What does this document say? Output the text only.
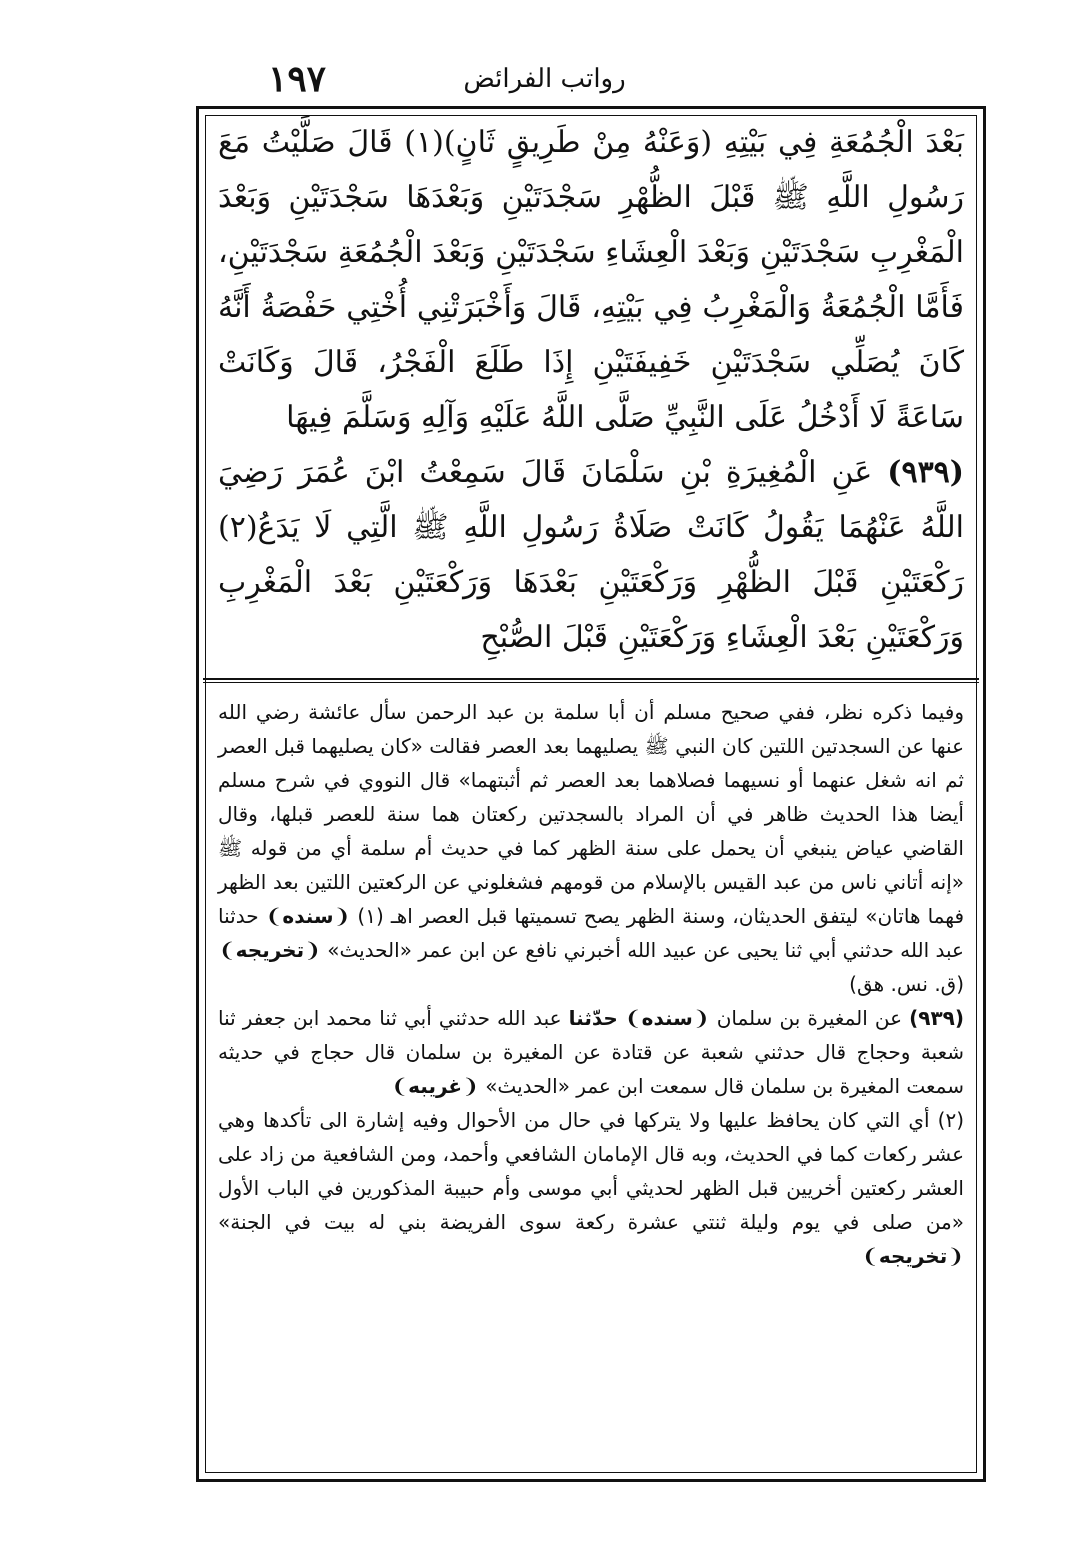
١٩٧	رواتب الفرائض

بَعْدَ الْجُمُعَةِ فِي بَيْتِهِ (وَعَنْهُ مِنْ طَرِيقٍ ثَانٍ)(١) قَالَ صَلَّيْتُ مَعَ رَسُولِ اللَّهِ ﷺ قَبْلَ الظُّهْرِ سَجْدَتَيْنِ وَبَعْدَهَا سَجْدَتَيْنِ وَبَعْدَ الْمَغْرِبِ سَجْدَتَيْنِ وَبَعْدَ الْعِشَاءِ سَجْدَتَيْنِ وَبَعْدَ الْجُمُعَةِ سَجْدَتَيْنِ، فَأَمَّا الْجُمُعَةُ وَالْمَغْرِبُ فِي بَيْتِهِ، قَالَ وَأَخْبَرَتْنِي أُخْتِي حَفْصَةُ أَنَّهُ كَانَ يُصَلِّي سَجْدَتَيْنِ خَفِيفَتَيْنِ إِذَا طَلَعَ الْفَجْرُ، قَالَ وَكَانَتْ سَاعَةً لَا أَدْخُلُ عَلَى النَّبِيِّ صَلَّى اللَّهُ عَلَيْهِ وَآلِهِ وَسَلَّمَ فِيهَا

(٩٣٩) عَنِ الْمُغِيرَةِ بْنِ سَلْمَانَ قَالَ سَمِعْتُ ابْنَ عُمَرَ رَضِيَ اللَّهُ عَنْهُمَا يَقُولُ كَانَتْ صَلَاةُ رَسُولِ اللَّهِ ﷺ الَّتِي لَا يَدَعُ(٢) رَكْعَتَيْنِ قَبْلَ الظُّهْرِ وَرَكْعَتَيْنِ بَعْدَهَا وَرَكْعَتَيْنِ بَعْدَ الْمَغْرِبِ وَرَكْعَتَيْنِ بَعْدَ الْعِشَاءِ وَرَكْعَتَيْنِ قَبْلَ الصُّبْحِ

وفيما ذكره نظر، ففي صحيح مسلم أن أبا سلمة بن عبد الرحمن سأل عائشة رضي الله عنها عن السجدتين اللتين كان النبي ﷺ يصليهما بعد العصر فقالت «كان يصليهما قبل العصر ثم انه شغل عنهما أو نسيهما فصلاهما بعد العصر ثم أثبتهما» قال النووي في شرح مسلم أيضا هذا الحديث ظاهر في أن المراد بالسجدتين ركعتان هما سنة للعصر قبلها، وقال القاضي عياض ينبغي أن يحمل على سنة الظهر كما في حديث أم سلمة أي من قوله ﷺ «إنه أتاني ناس من عبد القيس بالإسلام من قومهم فشغلوني عن الركعتين اللتين بعد الظهر فهما هاتان» ليتفق الحديثان، وسنة الظهر يصح تسميتها قبل العصر اهـ (١) ❨ سنده ❩ حدثنا عبد الله حدثني أبي ثنا يحيى عن عبيد الله أخبرني نافع عن ابن عمر «الحديث» ❨ تخريجه ❩

(ق. نس. هق)

(٩٣٩) عن المغيرة بن سلمان ❨ سنده ❩ حدّثنا عبد الله حدثني أبي ثنا محمد ابن جعفر ثنا شعبة وحجاج قال حدثني شعبة عن قتادة عن المغيرة بن سلمان قال حجاج في حديثه سمعت المغيرة بن سلمان قال سمعت ابن عمر «الحديث» ❨ غريبه ❩

(٢) أي التي كان يحافظ عليها ولا يتركها في حال من الأحوال وفيه إشارة الى تأكدها وهي عشر ركعات كما في الحديث، وبه قال الإمامان الشافعي وأحمد، ومن الشافعية من زاد على العشر ركعتين أخريين قبل الظهر لحديثي أبي موسى وأم حبيبة المذكورين في الباب الأول «من صلى في يوم وليلة ثنتي عشرة ركعة سوى الفريضة بني له بيت في الجنة» ❨ تخريجه ❩
